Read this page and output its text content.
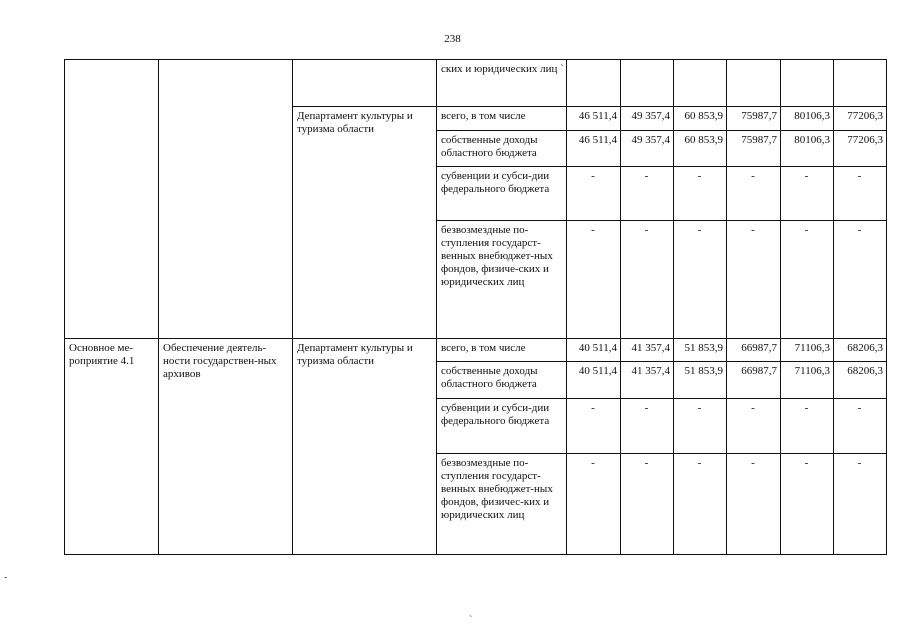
238
			ских и юридических лиц `						
		Департамент культуры и туризма области	всего, в том числе	46 511,4	49 357,4	60 853,9	75987,7	80106,3	77206,3
			собственные доходы областного бюджета	46 511,4	49 357,4	60 853,9	75987,7	80106,3	77206,3
			субвенции и субси-дии федерального бюджета	-	-	-	-	-	-
			безвозмездные по-ступления государст-венных внебюджет-ных фондов, физиче-ских и юридических лиц	-	-	-	-	-	-
Основное ме-роприятие 4.1	Обеспечение деятель-ности государствен-ных архивов	Департамент культуры и туризма области	всего, в том числе	40 511,4	41 357,4	51 853,9	66987,7	71106,3	68206,3
			собственные доходы областного бюджета	40 511,4	41 357,4	51 853,9	66987,7	71106,3	68206,3
			субвенции и субси-дии федерального бюджета	-	-	-	-	-	-
			безвозмездные по-ступления государст-венных внебюджет-ных фондов, физичес-ких и юридических лиц	-	-	-	-	-	-
-
`
